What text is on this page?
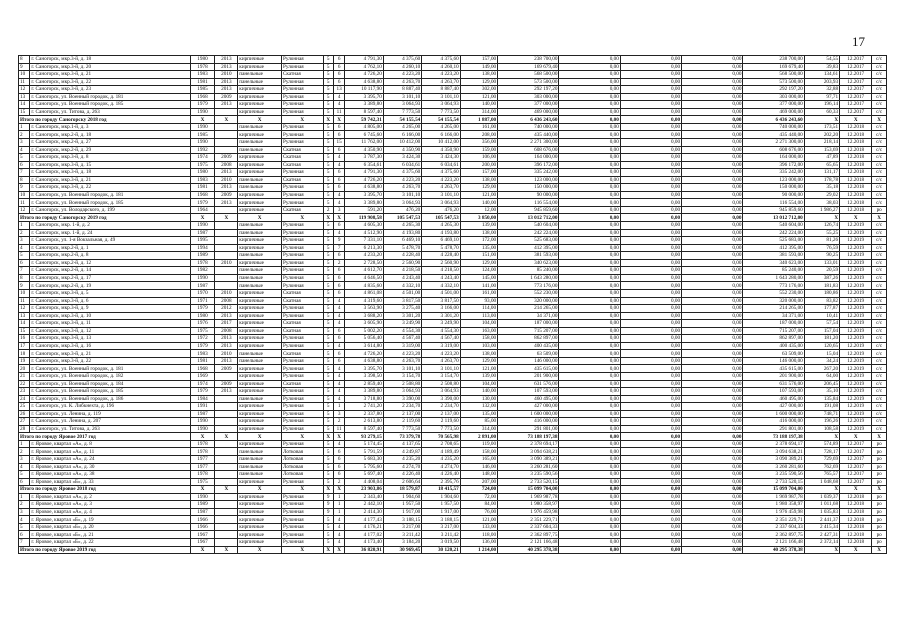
17
8	г. Саногорск, мкр.3-й, д. 18	1980	2013	кирпичные	Рулонная	5	6	4 791,30	4 375,60	4 375,60	157,00	238 700,00	0,00	0,00	0,00	238 700,00	54,55	12.2017	с/с
9	г. Саногорск, мкр.3-й, д. 20	1978	2013	кирпичные	Рулонная	5	6	4 762,10	4 260,10	4 260,10	149,00	169 679,40	0,00	0,00	0,00	169 679,40	39,83	12.2017	с/с
10	г. Саногорск, мкр.3-й, д. 21	1983	2010	панельные	Скатная	5	6	4 726,20	4 223,20	4 223,20	138,00	568 500,00	0,00	0,00	0,00	568 500,00	134,61	12.2017	с/с
11	г. Саногорск, мкр.3-й, д. 22	1981	2013	панельные	Рулонная	5	6	4 638,80	4 263,70	4 263,70	129,00	573 500,00	0,00	0,00	0,00	573 500,00	203,93	12.2017	с/с
12	г. Саногорск, мкр.3-й, д. 23	1985	2013	кирпичные	Рулонная	5	13	10 117,90	8 887,40	8 887,40	302,00	292 197,20	0,00	0,00	0,00	292 197,20	32,88	12.2017	с/с
13	г. Саногорск, ул. Военный городок, д. 181	1968	2009	кирпичные	Рулонная	5	4	3 395,70	3 101,10	3 101,10	121,00	303 000,00	0,00	0,00	0,00	303 000,00	97,71	12.2017	с/с
14	г. Саногорск, ул. Военный городок, д. 185	1979	2013	кирпичные	Рулонная	5	4	3 389,80	3 064,93	3 064,93	140,00	377 000,00	0,00	0,00	0,00	377 000,00	196,14	12.2017	с/с
15	г. Саногорск, ул. Титова, д. 263	1990		кирпичные	Рулонная	5	11	8 597,40	7 773,50	7 773,50	314,00	469 000,00	0,00	0,00	0,00	469 000,00	60,33	12.2017	с/с
Итого по городу Саногорску 2018 год		Х	Х	Х	Х	Х	Х	59 742,31	54 155,54	54 155,54	1 887,00	6 436 243,60	0,00	0,00	0,00	6 436 243,60	Х	Х	Х
1	г. Саногорск, мкр.1-й, д. 3	1990		панельные	Рулонная	5	6	4 805,00	4 265,00	4 265,00	161,00	740 000,00	0,00	0,00	0,00	740 000,00	173,51	12.2018	с/с
2	г. Саногорск, мкр.2-й, д. 18	1985		кирпичные	Рулонная	5	6	6 745,60	6 166,00	6 166,00	208,00	435 440,00	0,00	0,00	0,00	435 440,00	202,20	12.2018	с/с
3	г. Саногорск, мкр.2-й, д. 27	1990		панельные	Рулонная	5	15	11 762,00	10 412,00	10 412,00	356,00	2 271 300,00	0,00	0,00	0,00	2 271 300,00	218,14	12.2018	с/с
4	г. Саногорск, мкр.2-й, д. 29	1992		панельные	Скатная	5	6	4 350,90	4 350,90	4 350,90	159,00	608 676,00	0,00	0,00	0,00	608 676,00	153,69	12.2018	с/с
5	г. Саногорск, мкр.3-й, д. 8	1974	2009	кирпичные	Скатная	5	4	3 787,30	3 424,30	3 424,30	106,00	164 000,00	0,00	0,00	0,00	164 000,00	47,89	12.2018	с/с
6	г. Саногорск, мкр.3-й, д. 15	1975	2008	кирпичные	Скатная	5	4	6 354,61	6 034,61	6 034,61	200,00	396 172,00	0,00	0,00	0,00	396 172,00	65,65	12.2018	с/с
7	г. Саногорск, мкр.3-й, д. 18	1980	2013	кирпичные	Рулонная	5	6	4 791,30	4 375,60	4 375,60	157,00	335 242,00	0,00	0,00	0,00	335 242,00	131,17	12.2018	с/с
8	г. Саногорск, мкр.3-й, д. 21	1983	2010	панельные	Скатная	5	6	4 726,20	4 223,20	4 223,20	138,00	123 000,00	0,00	0,00	0,00	123 000,00	178,78	12.2018	с/с
9	г. Саногорск, мкр.3-й, д. 22	1981	2013	панельные	Рулонная	5	6	4 638,80	4 263,70	4 263,70	129,00	150 000,00	0,00	0,00	0,00	150 000,00	35,18	12.2018	с/с
10	г. Саногорск, ул. Военный городок, д. 181	1968	2009	кирпичные	Рулонная	5	4	3 395,70	3 101,10	3 101,10	121,00	90 000,00	0,00	0,00	0,00	90 000,00	29,02	12.2018	с/с
11	г. Саногорск, ул. Военный городок, д. 185	1979	2013	кирпичные	Рулонная	5	4	3 389,80	3 064,93	3 064,93	140,00	116 554,00	0,00	0,00	0,00	116 554,00	38,03	12.2018	с/с
12	г. Саногорск, ул. Володарского, д. 199	1964		кирпичные	Скатная	2	3	591,20	476,20	476,20	12,00	945 859,60	0,00	0,00	0,00	945 859,60	1 986,27	12.2018	ро
Итого по городу Саногорску 2019 год		Х	Х	Х	Х	Х	Х	119 908,58	105 547,53	105 547,53	3 850,00	13 012 712,00	0,00	0,00	0,00	13 012 712,00	Х	Х	Х
1	г. Саногорск, мкр. 1-й, д. 2	1990		панельные	Рулонная	5	6	4 605,30	4 265,30	4 265,30	139,00	540 604,00	0,00	0,00	0,00	540 604,00	126,74	12.2019	с/с
2	г. Саногорск, мкр. 1-й, д. 24	1987		панельные	Рулонная	5	4	4 512,90	4 193,80	4 193,80	138,00	242 224,00	0,00	0,00	0,00	242 224,00	55,25	12.2019	с/с
3	г. Саногорск, ул. 1-я Вокзальная, д. 49	1995		кирпичные	Рулонная	5	9	7 331,10	6 469,10	6 469,10	172,00	525 683,00	0,00	0,00	0,00	525 683,00	81,26	12.2019	с/с
4	г. Саногорск, мкр.2-й, д. 1	1994		кирпичные	Рулонная	5	7	6 213,30	5 478,70	5 478,70	135,00	412 395,00	0,00	0,00	0,00	412 395,00	76,59	12.2019	с/с
5	г. Саногорск, мкр.2-й, д. 8	1989		панельные	Рулонная	5	6	4 233,20	4 228,40	4 228,40	151,00	381 593,00	0,00	0,00	0,00	381 593,00	90,25	12.2019	с/с
6	г. Саногорск, мкр.2-й, д. 12	1978	2010	кирпичные	Рулонная	5	2	2 728,50	2 560,90	2 560,90	129,00	340 623,00	0,00	0,00	0,00	340 623,00	133,01	12.2019	с/с
7	г. Саногорск, мкр.2-й, д. 14	1982		панельные	Рулонная	5	6	4 612,70	4 218,50	4 218,50	124,00	85 240,00	0,00	0,00	0,00	85 240,00	20,59	12.2019	с/с
8	г. Саногорск, мкр.2-й, д. 17	1990		панельные	Рулонная	5	6	4 646,50	4 243,40	4 243,40	145,00	1 643 280,00	0,00	0,00	0,00	1 643 280,00	387,26	12.2019	с/с
9	г. Саногорск, мкр.2-й, д. 19	1987		панельные	Рулонная	5	6	4 835,60	4 332,10	4 332,10	141,00	773 176,00	0,00	0,00	0,00	773 176,00	181,83	12.2019	с/с
10	г. Саногорск, мкр.3-й, д. 5	1970	2010	кирпичные	Скатная	5	6	4 861,08	4 501,00	4 501,00	161,00	552 230,00	0,00	0,00	0,00	552 230,00	180,86	12.2019	с/с
11	г. Саногорск, мкр.3-й, д. 6	1971	2008	кирпичные	Скатная	5	4	4 319,60	3 817,50	3 817,50	93,00	320 000,00	0,00	0,00	0,00	320 000,00	83,82	12.2019	с/с
12	г. Саногорск, мкр.3-й, д. 9	1979	2012	кирпичные	Рулонная	5	4	3 563,90	3 275,40	3 166,00	114,00	214 265,00	0,00	0,00	0,00	214 265,00	177,87	12.2019	с/с
13	г. Саногорск, мкр.3-й, д. 10	1980	2013	кирпичные	Рулонная	5	4	3 688,20	3 301,20	3 301,20	113,00	34 371,00	0,00	0,00	0,00	34 371,00	10,41	12.2019	с/с
14	г. Саногорск, мкр.3-й, д. 11	1976	2017	кирпичные	Скатная	5	4	3 605,90	3 249,90	3 249,90	104,00	187 000,00	0,00	0,00	0,00	187 000,00	57,54	12.2019	с/с
15	г. Саногорск, мкр.3-й, д. 12	1975	2008	кирпичные	Скатная	5	6	5 002,20	4 554,30	4 554,30	163,00	715 207,00	0,00	0,00	0,00	715 207,00	157,04	12.2019	с/с
16	г. Саногорск, мкр.3-й, д. 13	1972	2013	кирпичные	Рулонная	5	6	5 056,40	4 567,40	4 567,40	158,00	862 897,00	0,00	0,00	0,00	862 897,00	181,20	12.2019	с/с
17	г. Саногорск, мкр.3-й, д. 16	1979	2013	кирпичные	Рулонная	5	4	3 614,80	3 319,00	3 319,00	103,00	400 435,00	0,00	0,00	0,00	400 435,00	120,65	12.2019	с/с
18	г. Саногорск, мкр.3-й, д. 21	1983	2010	панельные	Скатная	5	6	4 726,20	4 223,20	4 223,20	138,00	63 509,00	0,00	0,00	0,00	63 509,00	15,04	12.2019	с/с
19	г. Саногорск, мкр.3-й, д. 22	1981	2013	панельные	Рулонная	5	6	4 638,80	4 263,70	4 263,70	129,00	146 000,00	0,00	0,00	0,00	146 000,00	34,24	12.2019	с/с
20	г. Саногорск, ул. Военный городок, д. 181	1968	2009	кирпичные	Рулонная	5	4	3 395,70	3 101,10	3 101,10	121,00	435 615,00	0,00	0,00	0,00	435 615,00	267,20	12.2019	с/с
21	г. Саногорск, ул. Военный городок, д. 182	1969		кирпичные	Рулонная	5	4	3 398,50	3 154,70	3 154,70	139,00	201 900,00	0,00	0,00	0,00	201 900,00	64,00	12.2019	с/с
22	г. Саногорск, ул. Военный городок, д. 184	1974	2009	кирпичные	Скатная	5	4	2 859,40	2 508,80	2 508,80	104,00	631 576,00	0,00	0,00	0,00	631 576,00	206,45	12.2019	с/с
23	г. Саногорск, ул. Военный городок, д. 185	1979	2013	кирпичные	Рулонная	5	4	3 389,80	3 064,93	3 064,93	140,00	107 593,00	0,00	0,00	0,00	107 593,00	35,10	12.2019	с/с
24	г. Саногорск, ул. Военный городок, д. 186	1984		панельные	Рулонная	5	4	3 718,80	3 390,00	3 390,00	130,00	460 495,00	0,00	0,00	0,00	460 495,00	135,84	12.2019	с/с
25	г. Саногорск, ул. К. Либкнехта, д. 196	1991		кирпичные	Рулонная	5	1	2 741,20	2 234,70	2 234,70	132,00	427 000,00	0,00	0,00	0,00	427 000,00	191,08	12.2019	с/с
26	г. Саногорск, ул. Ленина, д. 119	1987		кирпичные	Рулонная	5	3	2 337,80	2 137,00	2 137,00	135,00	1 600 000,00	0,00	0,00	0,00	1 600 000,00	748,71	12.2019	с/с
27	г. Саногорск, ул. Ленина, д. 207	1990		кирпичные	Рулонная	5	2	2 613,80	2 119,60	2 119,60	85,00	416 000,00	0,00	0,00	0,00	416 000,00	196,26	12.2019	с/с
28	г. Саногорск, ул. Титова, д. 263	1990		кирпичные	Рулонная	5	11	8 597,40	7 773,50	7 773,50	314,00	291 801,00	0,00	0,00	0,00	291 801,00	108,58	12.2019	с/с
Итого по городу Яровое 2017 год		Х	Х	Х	Х	Х	Х	93 279,15	73 379,78	70 565,98	2 891,00	73 188 197,38	0,00	0,00	0,00	73 188 197,38	Х	Х	Х
1	г. Яровое, квартал «А», д. 8	1978		кирпичные	Рулонная	5	4	5 174,45	4 137,65	2 708,65	119,00	2 378 694,17	0,00	0,00	0,00	2 378 694,17	574,89	12.2017	ро
2	г. Яровое, квартал «А», д. 11	1978		панельные	Лотковая	5	6	5 791,59	4 249,87	4 189,49	158,00	3 094 638,21	0,00	0,00	0,00	3 094 638,21	728,17	12.2017	ро
3	г. Яровое, квартал «А», д. 24	1977		панельные	Лотковая	5	6	5 683,30	4 235,20	4 235,20	165,00	3 090 389,21	0,00	0,00	0,00	3 090 389,21	729,69	12.2017	ро
4	г. Яровое, квартал «А», д. 30	1977		панельные	Лотковая	5	6	5 795,60	4 274,70	4 274,70	146,00	3 260 281,60	0,00	0,00	0,00	3 260 281,60	762,69	12.2017	ро
5	г. Яровое, квартал «А», д. 38	1978		панельные	Лотковая	5	6	5 697,40	4 226,40	4 226,40	148,00	3 235 590,56	0,00	0,00	0,00	3 235 590,56	765,57	12.2017	ро
6	г. Яровое, квартал «Б», д. 33	1975		кирпичные	Рулонная	5	2	4 408,04	2 606,64	2 395,76	207,00	2 733 520,15	0,00	0,00	0,00	2 733 520,15	1 048,68	12.2017	ро
Итого по городу Яровое 2018 год		Х	Х	Х	Х	Х	Х	23 903,86	18 579,87	18 415,57	724,00	15 099 704,00	0,00	0,00	0,00	15 099 704,00	Х	Х	Х
1	г. Яровое, квартал «А», д. 2	1990		кирпичные	Рулонная	9	1	2 343,40	1 904,60	1 904,60	72,00	1 969 987,78	0,00	0,00	0,00	1 969 987,78	1 039,37	12.2018	ро
2	г. Яровое, квартал «А», д. 3	1989		кирпичные	Рулонная	9	1	2 442,10	1 957,50	1 957,50	84,00	1 980 358,97	0,00	0,00	0,00	1 980 358,97	1 011,68	12.2018	ро
3	г. Яровое, квартал «А», д. 4	1987		кирпичные	Рулонная	9	1	2 414,30	1 917,00	1 917,00	76,00	1 976 459,98	0,00	0,00	0,00	1 976 459,98	1 035,83	12.2018	ро
4	г. Яровое, квартал «Б», д. 19	1966		кирпичные	Рулонная	5	4	4 177,43	3 188,15	3 188,15	121,00	2 351 229,71	0,00	0,00	0,00	2 351 229,71	2 441,37	12.2018	ро
5	г. Яровое, квартал «Б», д. 20	1966		кирпичные	Рулонная	5	4	4 176,21	3 217,00	3 217,00	133,00	2 337 604,33	0,00	0,00	0,00	2 337 604,33	2 415,34	12.2018	ро
6	г. Яровое, квартал «Б», д. 21	1967		кирпичные	Рулонная	5	4	4 177,02	3 211,42	3 211,42	118,00	2 362 897,75	0,00	0,00	0,00	2 362 897,75	2 427,31	12.2018	ро
7	г. Яровое, квартал «Б», д. 22	1967		кирпичные	Рулонная	5	4	4 173,40	3 184,20	3 019,50	136,00	2 121 166,48	0,00	0,00	0,00	2 121 166,48	2 372,14	12.2018	ро
Итого по городу Яровое 2019 год		Х	Х	Х	Х	Х	Х	36 820,91	30 969,45	30 120,21	1 214,00	40 295 378,38	0,00	0,00	0,00	40 295 378,38	Х	Х	Х
